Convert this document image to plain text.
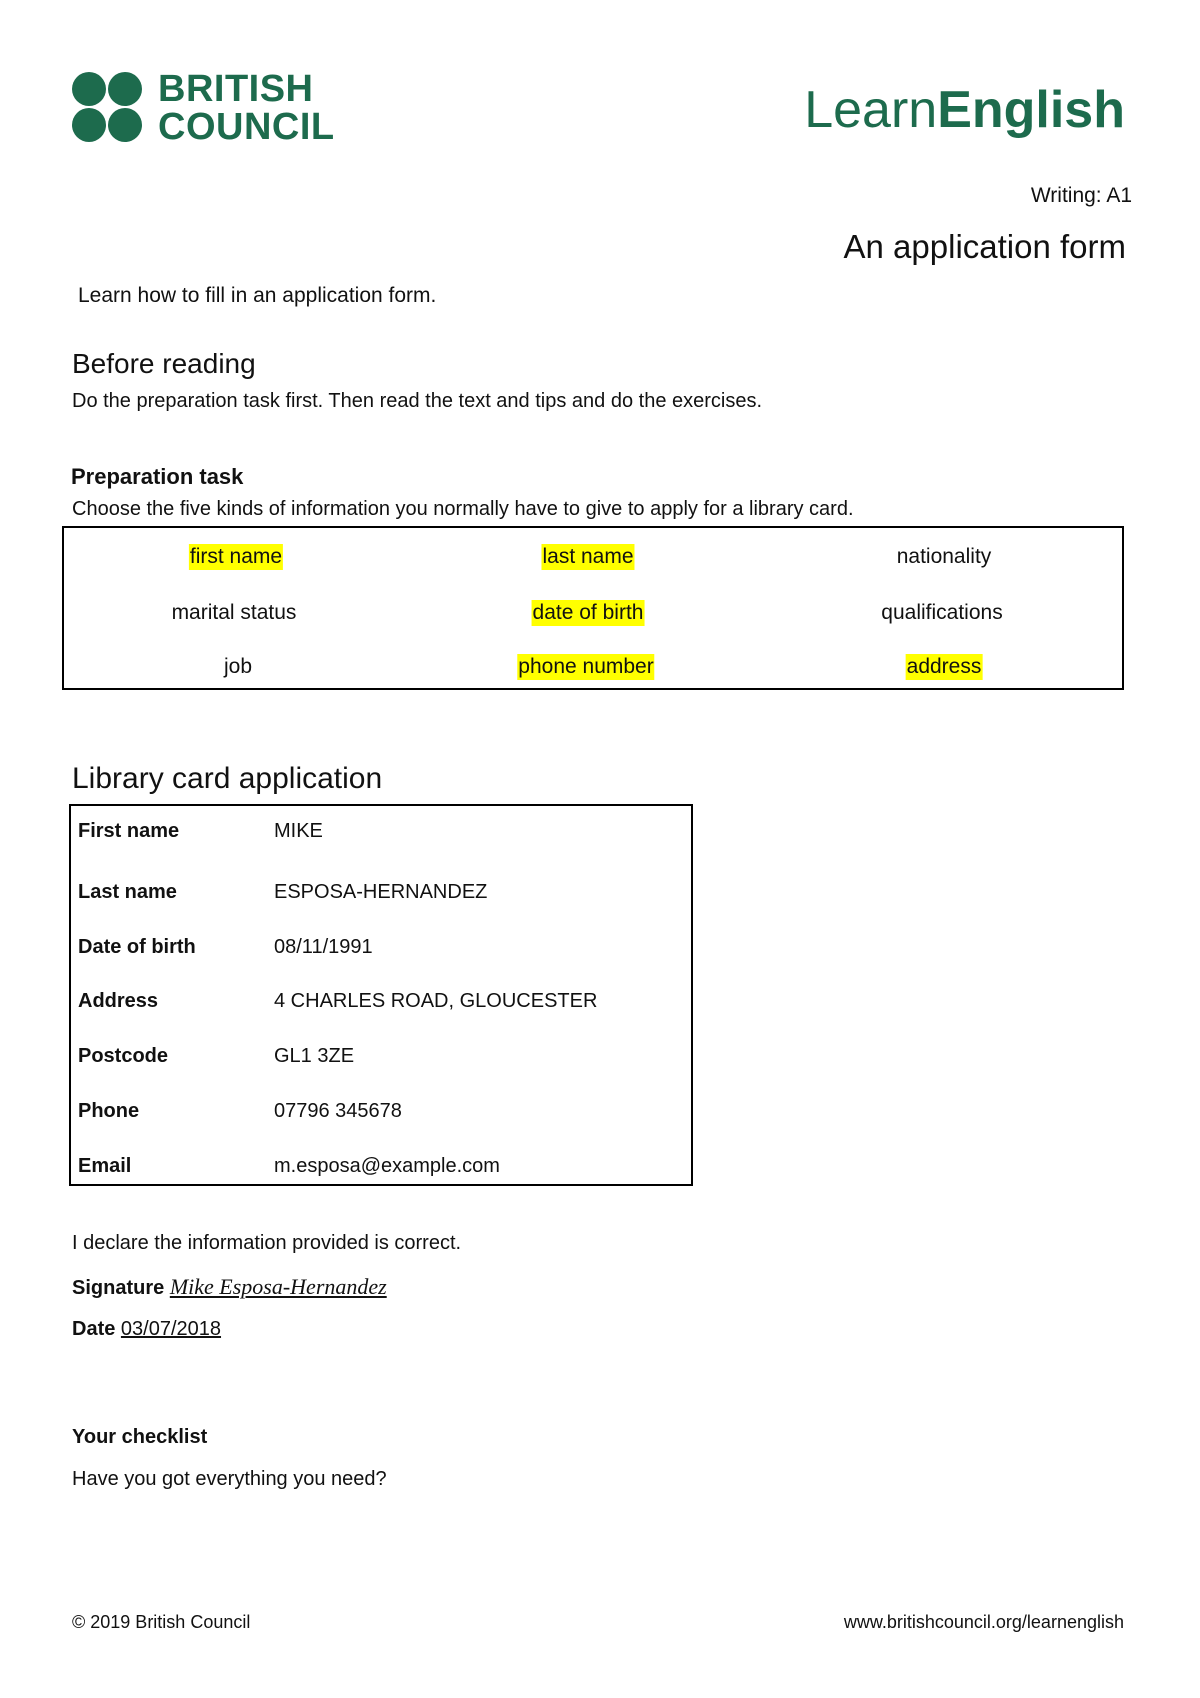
BRITISH
COUNCIL	LearnEnglish
Writing: A1
An application form
Learn how to fill in an application form.
Before reading
Do the preparation task first. Then read the text and tips and do the exercises.
Preparation task
Choose the five kinds of information you normally have to give to apply for a library card.
first name	last name	nationality
marital status	date of birth	qualifications
job	phone number	address
Library card application
First name	MIKE
Last name	ESPOSA-HERNANDEZ
Date of birth	08/11/1991
Address	4 CHARLES ROAD, GLOUCESTER
Postcode	GL1 3ZE
Phone	07796 345678
Email	m.esposa@example.com
I declare the information provided is correct.
Signature Mike Esposa-Hernandez
Date 03/07/2018
Your checklist
Have you got everything you need?
© 2019 British Council	www.britishcouncil.org/learnenglish
